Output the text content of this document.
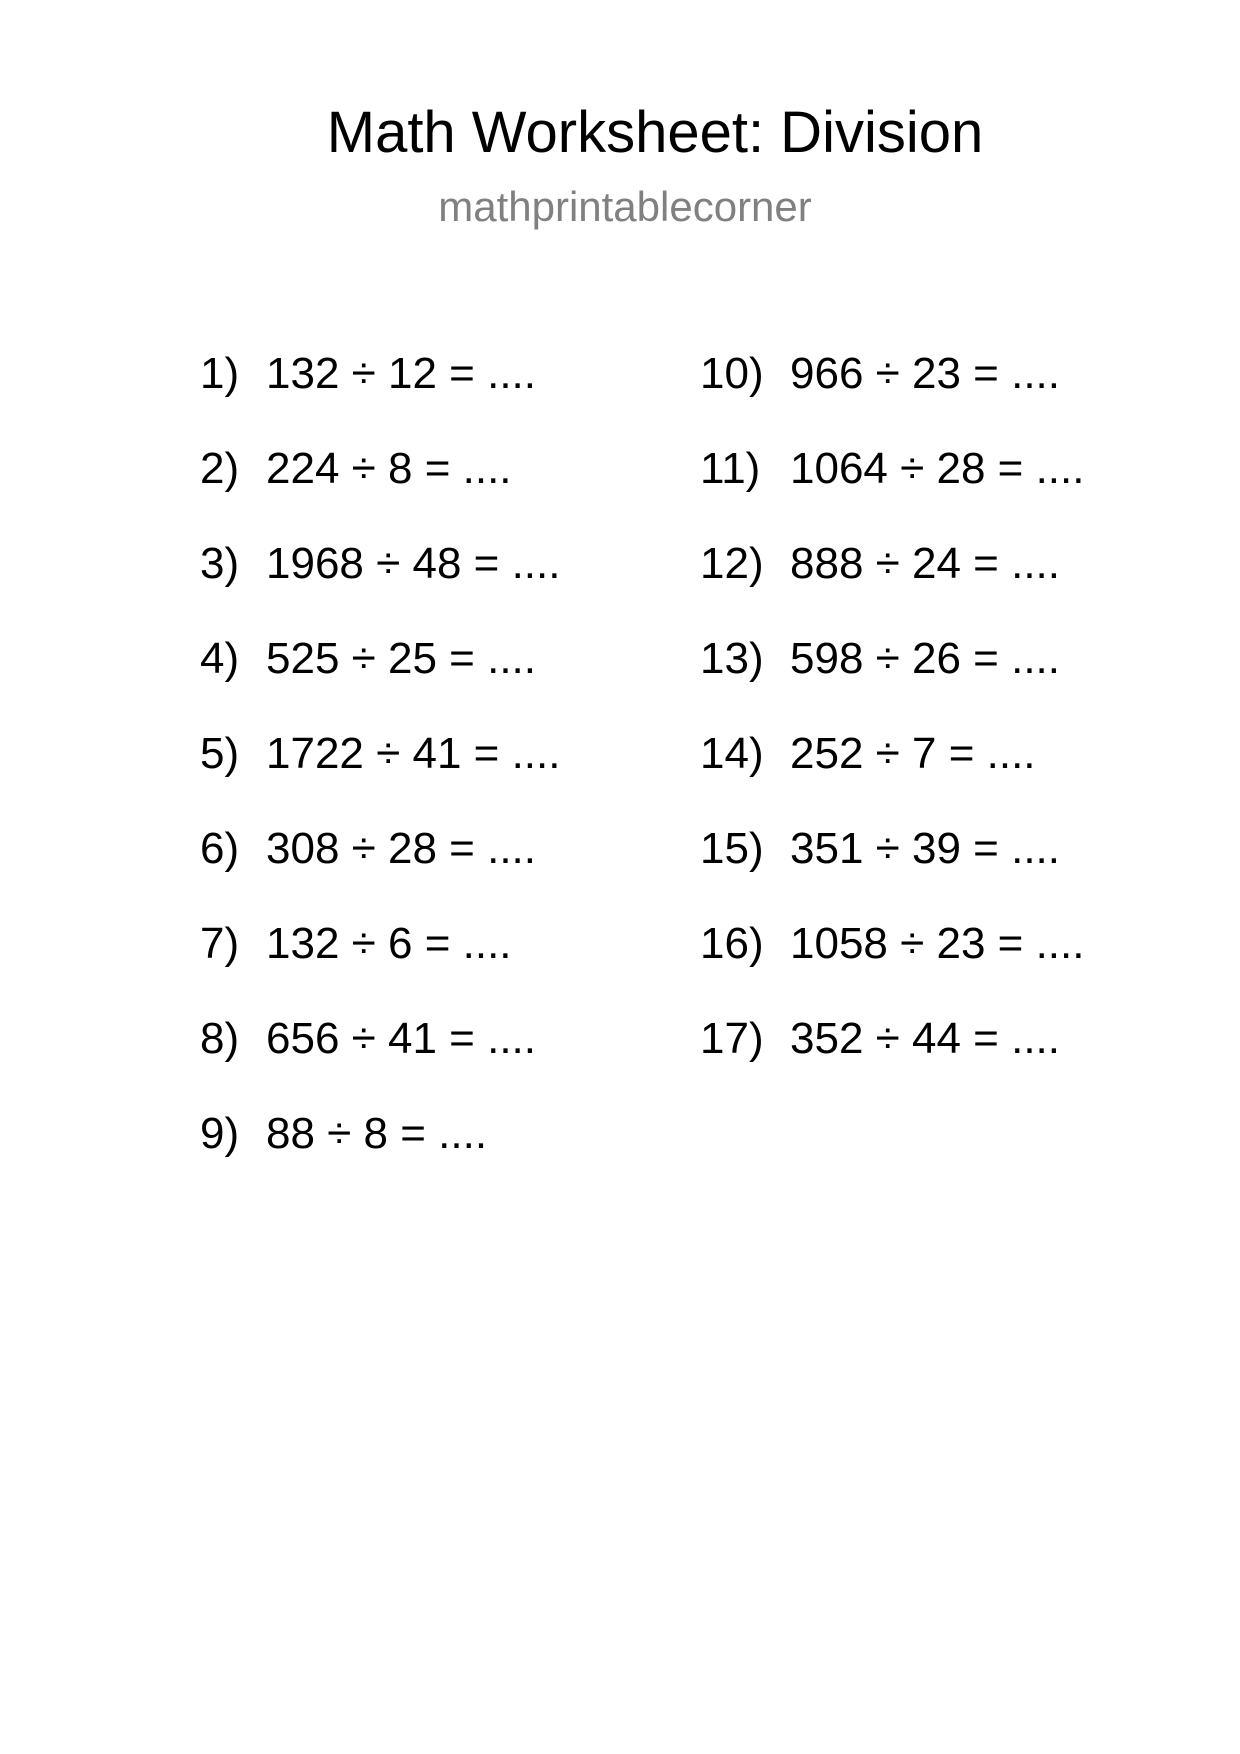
Math Worksheet: Division
mathprintablecorner
1) 132 ÷ 12 = ....
2) 224 ÷ 8 = ....
3) 1968 ÷ 48 = ....
4) 525 ÷ 25 = ....
5) 1722 ÷ 41 = ....
6) 308 ÷ 28 = ....
7) 132 ÷ 6 = ....
8) 656 ÷ 41 = ....
9) 88 ÷ 8 = ....
10) 966 ÷ 23 = ....
11) 1064 ÷ 28 = ....
12) 888 ÷ 24 = ....
13) 598 ÷ 26 = ....
14) 252 ÷ 7 = ....
15) 351 ÷ 39 = ....
16) 1058 ÷ 23 = ....
17) 352 ÷ 44 = ....
